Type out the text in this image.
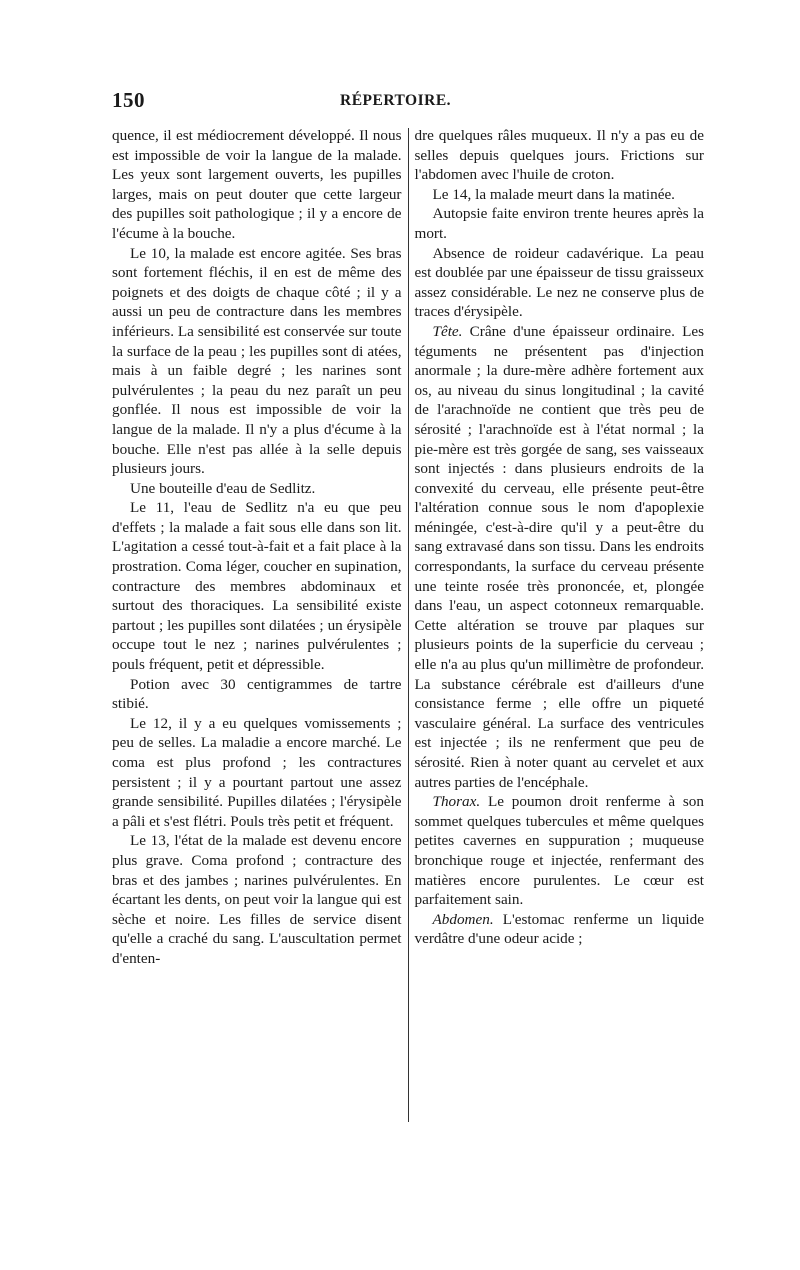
150	RÉPERTOIRE.

quence, il est médiocrement développé. Il nous est impossible de voir la langue de la malade. Les yeux sont largement ouverts, les pupilles larges, mais on peut douter que cette largeur des pupilles soit pathologique ; il y a encore de l'écume à la bouche.

Le 10, la malade est encore agitée. Ses bras sont fortement fléchis, il en est de même des poignets et des doigts de chaque côté ; il y a aussi un peu de contracture dans les membres inférieurs. La sensibilité est conservée sur toute la surface de la peau ; les pupilles sont di atées, mais à un faible degré ; les narines sont pulvérulentes ; la peau du nez paraît un peu gonflée. Il nous est impossible de voir la langue de la malade. Il n'y a plus d'écume à la bouche. Elle n'est pas allée à la selle depuis plusieurs jours.

Une bouteille d'eau de Sedlitz.

Le 11, l'eau de Sedlitz n'a eu que peu d'effets ; la malade a fait sous elle dans son lit. L'agitation a cessé tout-à-fait et a fait place à la prostration. Coma léger, coucher en supination, contracture des membres abdominaux et surtout des thoraciques. La sensibilité existe partout ; les pupilles sont dilatées ; un érysipèle occupe tout le nez ; narines pulvérulentes ; pouls fréquent, petit et dépressible.

Potion avec 30 centigrammes de tartre stibié.

Le 12, il y a eu quelques vomissements ; peu de selles. La maladie a encore marché. Le coma est plus profond ; les contractures persistent ; il y a pourtant partout une assez grande sensibilité. Pupilles dilatées ; l'érysipèle a pâli et s'est flétri. Pouls très petit et fréquent.

Le 13, l'état de la malade est devenu encore plus grave. Coma profond ; contracture des bras et des jambes ; narines pulvérulentes. En écartant les dents, on peut voir la langue qui est sèche et noire. Les filles de service disent qu'elle a craché du sang. L'auscultation permet d'enten-

dre quelques râles muqueux. Il n'y a pas eu de selles depuis quelques jours. Frictions sur l'abdomen avec l'huile de croton.

Le 14, la malade meurt dans la matinée.

Autopsie faite environ trente heures après la mort.

Absence de roideur cadavérique. La peau est doublée par une épaisseur de tissu graisseux assez considérable. Le nez ne conserve plus de traces d'érysipèle.

Tête. Crâne d'une épaisseur ordinaire. Les téguments ne présentent pas d'injection anormale ; la dure-mère adhère fortement aux os, au niveau du sinus longitudinal ; la cavité de l'arachnoïde ne contient que très peu de sérosité ; l'arachnoïde est à l'état normal ; la pie-mère est très gorgée de sang, ses vaisseaux sont injectés : dans plusieurs endroits de la convexité du cerveau, elle présente peut-être l'altération connue sous le nom d'apoplexie méningée, c'est-à-dire qu'il y a peut-être du sang extravasé dans son tissu. Dans les endroits correspondants, la surface du cerveau présente une teinte rosée très prononcée, et, plongée dans l'eau, un aspect cotonneux remarquable. Cette altération se trouve par plaques sur plusieurs points de la superficie du cerveau ; elle n'a au plus qu'un millimètre de profondeur. La substance cérébrale est d'ailleurs d'une consistance ferme ; elle offre un piqueté vasculaire général. La surface des ventricules est injectée ; ils ne renferment que peu de sérosité. Rien à noter quant au cervelet et aux autres parties de l'encéphale.

Thorax. Le poumon droit renferme à son sommet quelques tubercules et même quelques petites cavernes en suppuration ; muqueuse bronchique rouge et injectée, renfermant des matières encore purulentes. Le cœur est parfaitement sain.

Abdomen. L'estomac renferme un liquide verdâtre d'une odeur acide ;
